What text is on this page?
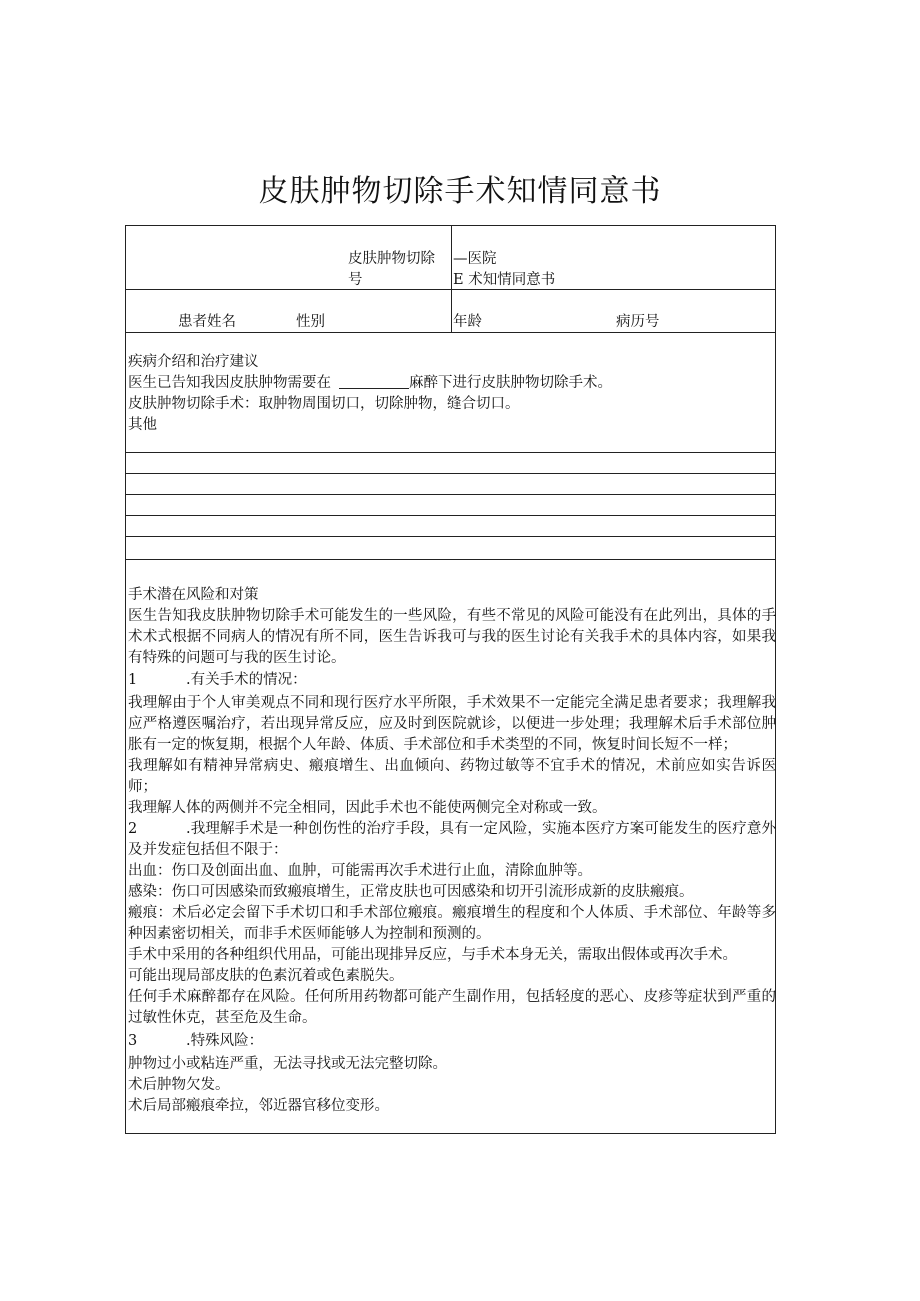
皮肤肿物切除手术知情同意书
皮肤肿物切除
号
—医院
E 术知情同意书
患者姓名	性别	年龄	病历号
疾病介绍和治疗建议
医生已告知我因皮肤肿物需要在	麻醉下进行皮肤肿物切除手术。
皮肤肿物切除手术：取肿物周围切口，切除肿物，缝合切口。
其他
手术潜在风险和对策
医生告知我皮肤肿物切除手术可能发生的一些风险，有些不常见的风险可能没有在此列出，具体的手术术式根据不同病人的情况有所不同，医生告诉我可与我的医生讨论有关我手术的具体内容，如果我有特殊的问题可与我的医生讨论。
1	.有关手术的情况：
我理解由于个人审美观点不同和现行医疗水平所限，手术效果不一定能完全满足患者要求；我理解我应严格遵医嘱治疗，若出现异常反应，应及时到医院就诊，以便进一步处理；我理解术后手术部位肿胀有一定的恢复期，根据个人年龄、体质、手术部位和手术类型的不同，恢复时间长短不一样；
我理解如有精神异常病史、瘢痕增生、出血倾向、药物过敏等不宜手术的情况，术前应如实告诉医师；
我理解人体的两侧并不完全相同，因此手术也不能使两侧完全对称或一致。
2	.我理解手术是一种创伤性的治疗手段，具有一定风险，实施本医疗方案可能发生的医疗意外及并发症包括但不限于：
出血：伤口及创面出血、血肿，可能需再次手术进行止血，清除血肿等。
感染：伤口可因感染而致瘢痕增生，正常皮肤也可因感染和切开引流形成新的皮肤瘢痕。
瘢痕：术后必定会留下手术切口和手术部位瘢痕。瘢痕增生的程度和个人体质、手术部位、年龄等多种因素密切相关，而非手术医师能够人为控制和预测的。
手术中采用的各种组织代用品，可能出现排异反应，与手术本身无关，需取出假体或再次手术。
可能出现局部皮肤的色素沉着或色素脱失。
任何手术麻醉都存在风险。任何所用药物都可能产生副作用，包括轻度的恶心、皮疹等症状到严重的过敏性休克，甚至危及生命。
3	.特殊风险：
肿物过小或粘连严重，无法寻找或无法完整切除。
术后肿物欠发。
术后局部瘢痕牵拉，邻近器官移位变形。
